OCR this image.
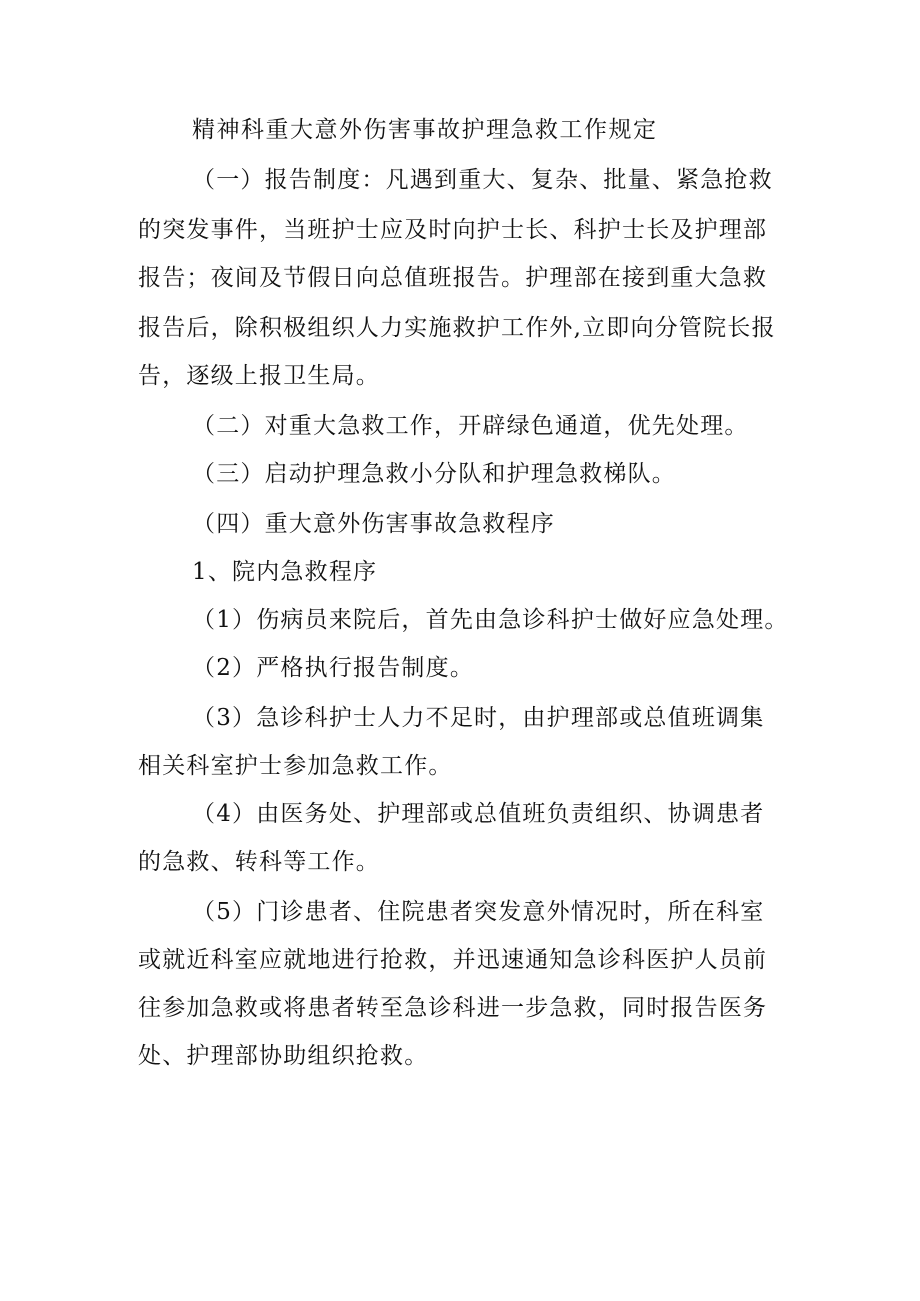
精神科重大意外伤害事故护理急救工作规定
（一）报告制度：凡遇到重大、复杂、批量、紧急抢救
的突发事件，当班护士应及时向护士长、科护士长及护理部
报告；夜间及节假日向总值班报告。护理部在接到重大急救
报告后，除积极组织人力实施救护工作外,立即向分管院长报
告，逐级上报卫生局。
（二）对重大急救工作，开辟绿色通道，优先处理。
（三）启动护理急救小分队和护理急救梯队。
（四）重大意外伤害事故急救程序
1、院内急救程序
（1）伤病员来院后，首先由急诊科护士做好应急处理。
（2）严格执行报告制度。
（3）急诊科护士人力不足时，由护理部或总值班调集
相关科室护士参加急救工作。
（4）由医务处、护理部或总值班负责组织、协调患者
的急救、转科等工作。
（5）门诊患者、住院患者突发意外情况时，所在科室
或就近科室应就地进行抢救，并迅速通知急诊科医护人员前
往参加急救或将患者转至急诊科进一步急救，同时报告医务
处、护理部协助组织抢救。
